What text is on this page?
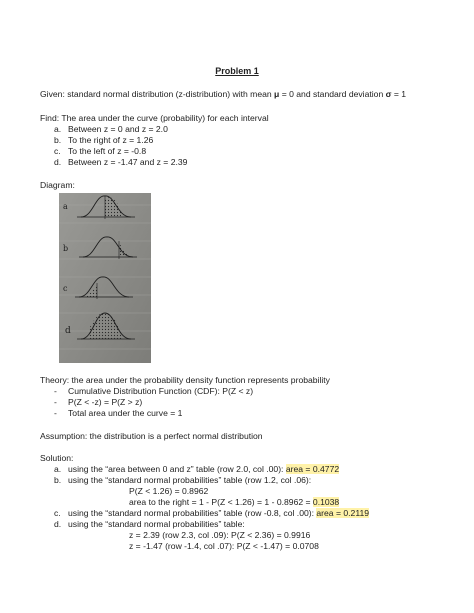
Problem 1
Given: standard normal distribution (z-distribution) with mean μ = 0 and standard deviation σ = 1
Find: The area under the curve (probability) for each interval
a. Between z = 0 and z = 2.0
b. To the right of z = 1.26
c. To the left of z = -0.8
d. Between z = -1.47 and z = 2.39
Diagram:
a
b
c
d
Theory: the area under the probability density function represents probability
- Cumulative Distribution Function (CDF): P(Z < z)
- P(Z < -z) = P(Z > z)
- Total area under the curve = 1
Assumption: the distribution is a perfect normal distribution
Solution:
a. using the “area between 0 and z” table (row 2.0, col .00): area = 0.4772
b. using the “standard normal probabilities” table (row 1.2, col .06):
P(Z < 1.26) = 0.8962
area to the right = 1 - P(Z < 1.26) = 1 - 0.8962 = 0.1038
c. using the “standard normal probabilities” table (row -0.8, col .00): area = 0.2119
d. using the “standard normal probabilities” table:
z = 2.39 (row 2.3, col .09): P(Z < 2.36) = 0.9916
z = -1.47 (row -1.4, col .07): P(Z < -1.47) = 0.0708
